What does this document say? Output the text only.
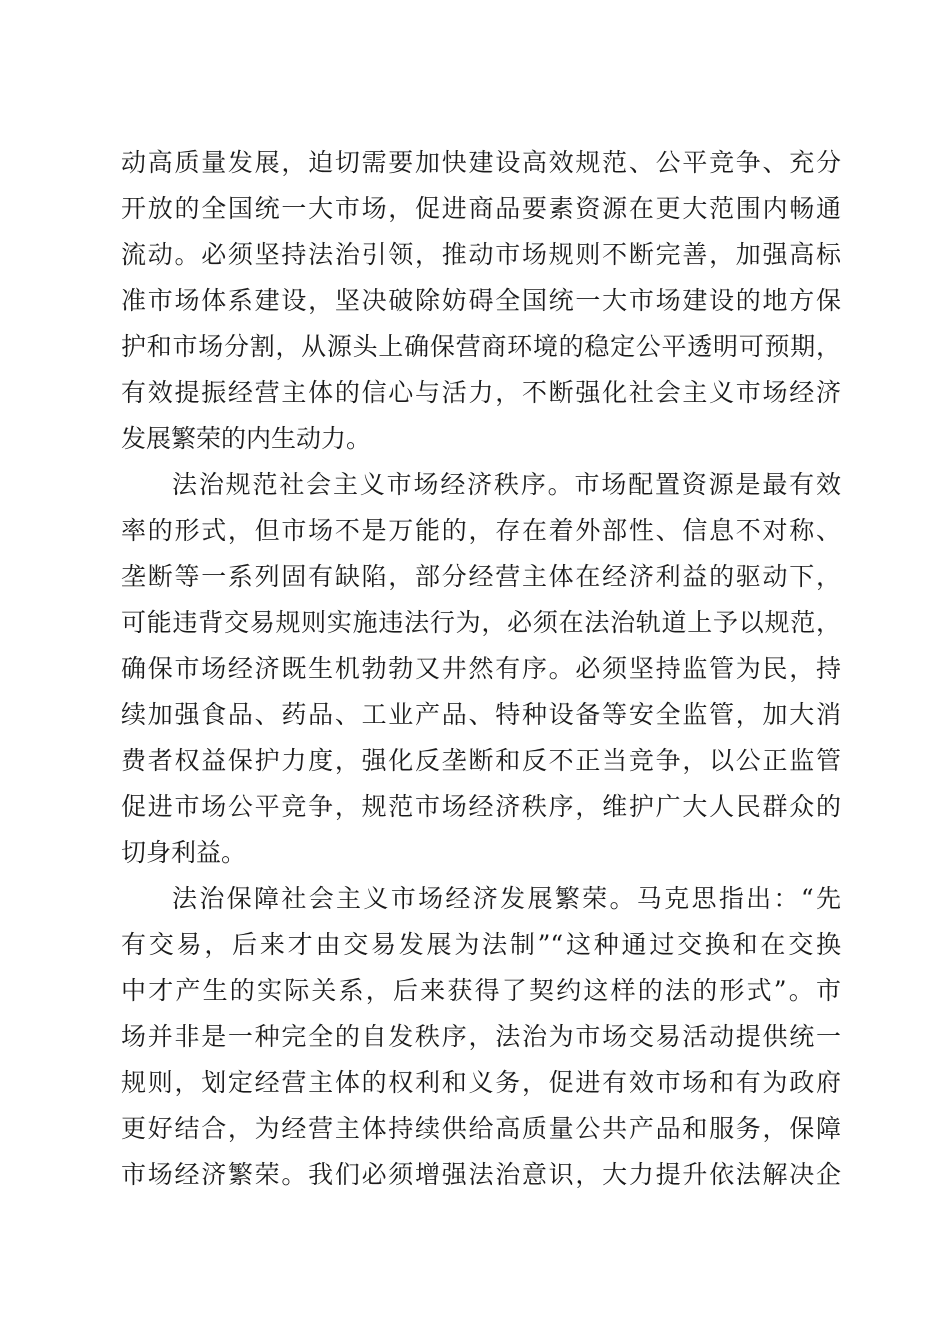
动高质量发展，迫切需要加快建设高效规范、公平竞争、充分
开放的全国统一大市场，促进商品要素资源在更大范围内畅通
流动。必须坚持法治引领，推动市场规则不断完善，加强高标
准市场体系建设，坚决破除妨碍全国统一大市场建设的地方保
护和市场分割，从源头上确保营商环境的稳定公平透明可预期，
有效提振经营主体的信心与活力，不断强化社会主义市场经济
发展繁荣的内生动力。
法治规范社会主义市场经济秩序。市场配置资源是最有效
率的形式，但市场不是万能的，存在着外部性、信息不对称、
垄断等一系列固有缺陷，部分经营主体在经济利益的驱动下，
可能违背交易规则实施违法行为，必须在法治轨道上予以规范，
确保市场经济既生机勃勃又井然有序。必须坚持监管为民，持
续加强食品、药品、工业产品、特种设备等安全监管，加大消
费者权益保护力度，强化反垄断和反不正当竞争，以公正监管
促进市场公平竞争，规范市场经济秩序，维护广大人民群众的
切身利益。
法治保障社会主义市场经济发展繁荣。马克思指出：“先
有交易，后来才由交易发展为法制”“这种通过交换和在交换
中才产生的实际关系，后来获得了契约这样的法的形式”。市
场并非是一种完全的自发秩序，法治为市场交易活动提供统一
规则，划定经营主体的权利和义务，促进有效市场和有为政府
更好结合，为经营主体持续供给高质量公共产品和服务，保障
市场经济繁荣。我们必须增强法治意识，大力提升依法解决企
